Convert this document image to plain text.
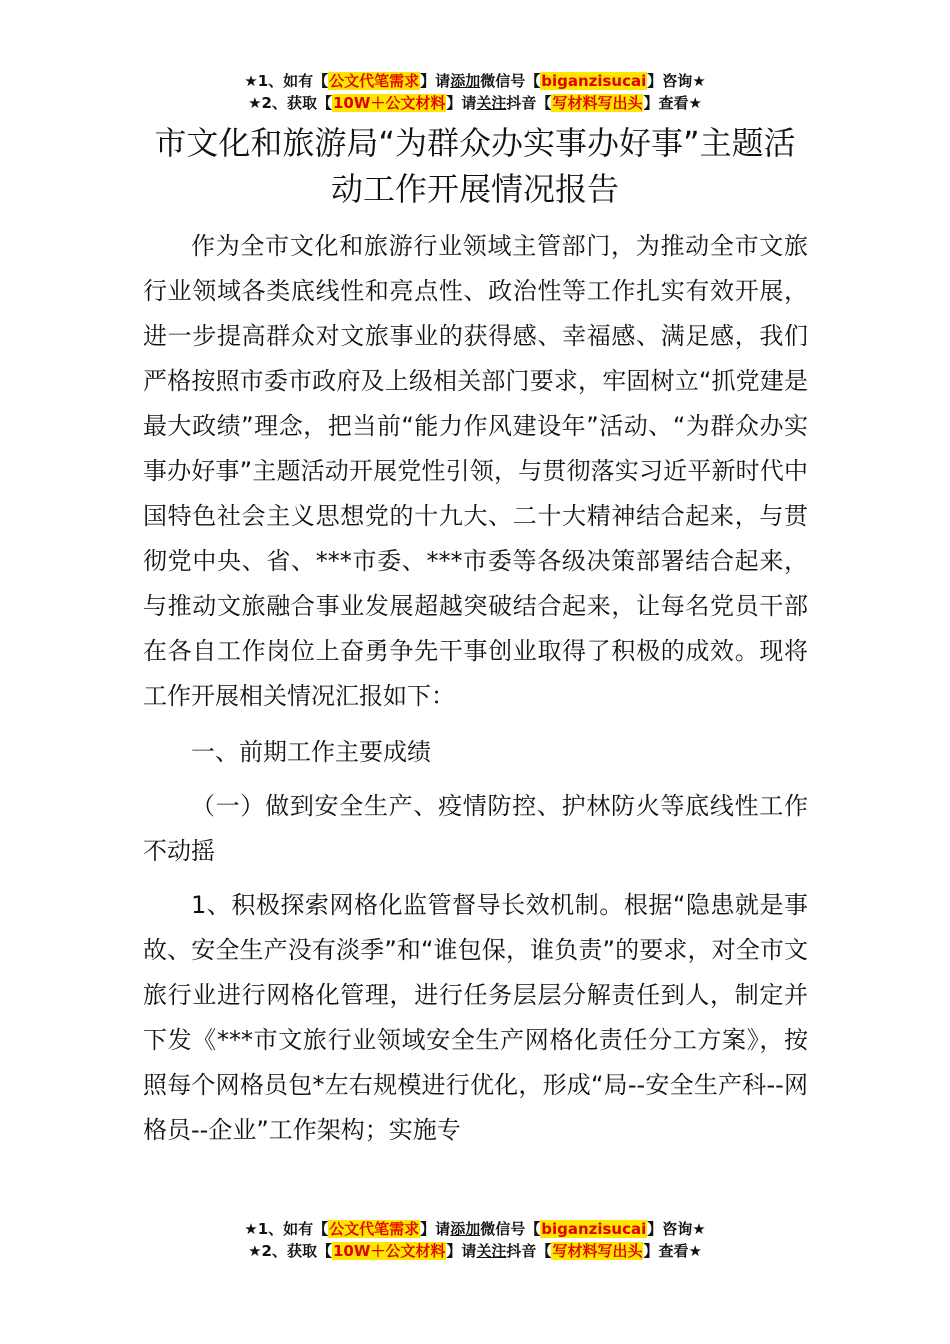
★1、如有【公文代笔需求】请添加微信号【biganzisucai】咨询★
★2、获取【10W＋公文材料】请关注抖音【写材料写出头】查看★
市文化和旅游局“为群众办实事办好事”主题活动工作开展情况报告

作为全市文化和旅游行业领域主管部门，为推动全市文旅行业领域各类底线性和亮点性、政治性等工作扎实有效开展，进一步提高群众对文旅事业的获得感、幸福感、满足感，我们严格按照市委市政府及上级相关部门要求，牢固树立“抓党建是最大政绩”理念，把当前“能力作风建设年”活动、“为群众办实事办好事”主题活动开展党性引领，与贯彻落实习近平新时代中国特色社会主义思想党的十九大、二十大精神结合起来，与贯彻党中央、省、***市委、***市委等各级决策部署结合起来，与推动文旅融合事业发展超越突破结合起来，让每名党员干部在各自工作岗位上奋勇争先干事创业取得了积极的成效。现将工作开展相关情况汇报如下：

一、前期工作主要成绩

（一）做到安全生产、疫情防控、护林防火等底线性工作不动摇

1、积极探索网格化监管督导长效机制。根据“隐患就是事故、安全生产没有淡季”和“谁包保，谁负责”的要求，对全市文旅行业进行网格化管理，进行任务层层分解责任到人，制定并下发《***市文旅行业领域安全生产网格化责任分工方案》，按照每个网格员包*左右规模进行优化，形成“局--安全生产科--网格员--企业”工作架构；实施专

★1、如有【公文代笔需求】请添加微信号【biganzisucai】咨询★
★2、获取【10W＋公文材料】请关注抖音【写材料写出头】查看★
